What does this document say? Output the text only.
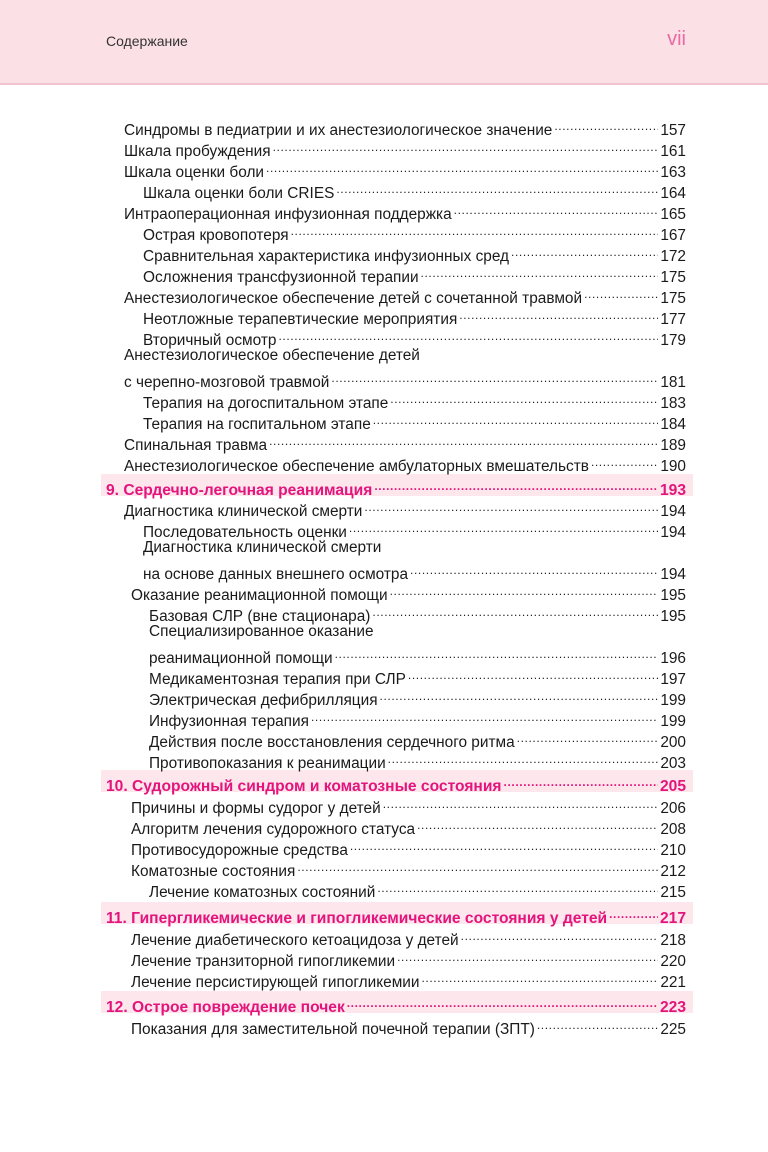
Содержание	vii
Синдромы в педиатрии и их анестезиологическое значение .....	157
Шкала пробуждения .....	161
Шкала оценки боли .....	163
Шкала оценки боли CRIES .....	164
Интраоперационная инфузионная поддержка .....	165
Острая кровопотеря .....	167
Сравнительная характеристика инфузионных сред .....	172
Осложнения трансфузионной терапии .....	175
Анестезиологическое обеспечение детей с сочетанной травмой .....	175
Неотложные терапевтические мероприятия .....	177
Вторичный осмотр .....	179
Анестезиологическое обеспечение детей
с черепно-мозговой травмой .....	181
Терапия на догоспитальном этапе .....	183
Терапия на госпитальном этапе .....	184
Спинальная травма .....	189
Анестезиологическое обеспечение амбулаторных вмешательств .....	190
9. Сердечно-легочная реанимация .....	193
Диагностика клинической смерти .....	194
Последовательность оценки .....	194
Диагностика клинической смерти
на основе данных внешнего осмотра .....	194
Оказание реанимационной помощи .....	195
Базовая СЛР (вне стационара) .....	195
Специализированное оказание
реанимационной помощи .....	196
Медикаментозная терапия при СЛР .....	197
Электрическая дефибрилляция .....	199
Инфузионная терапия .....	199
Действия после восстановления сердечного ритма .....	200
Противопоказания к реанимации .....	203
10. Судорожный синдром и коматозные состояния .....	205
Причины и формы судорог у детей .....	206
Алгоритм лечения судорожного статуса .....	208
Противосудорожные средства .....	210
Коматозные состояния .....	212
Лечение коматозных состояний .....	215
11. Гипергликемические и гипогликемические состояния у детей .....	217
Лечение диабетического кетоацидоза у детей .....	218
Лечение транзиторной гипогликемии .....	220
Лечение персистирующей гипогликемии .....	221
12. Острое повреждение почек .....	223
Показания для заместительной почечной терапии (ЗПТ) .....	225
